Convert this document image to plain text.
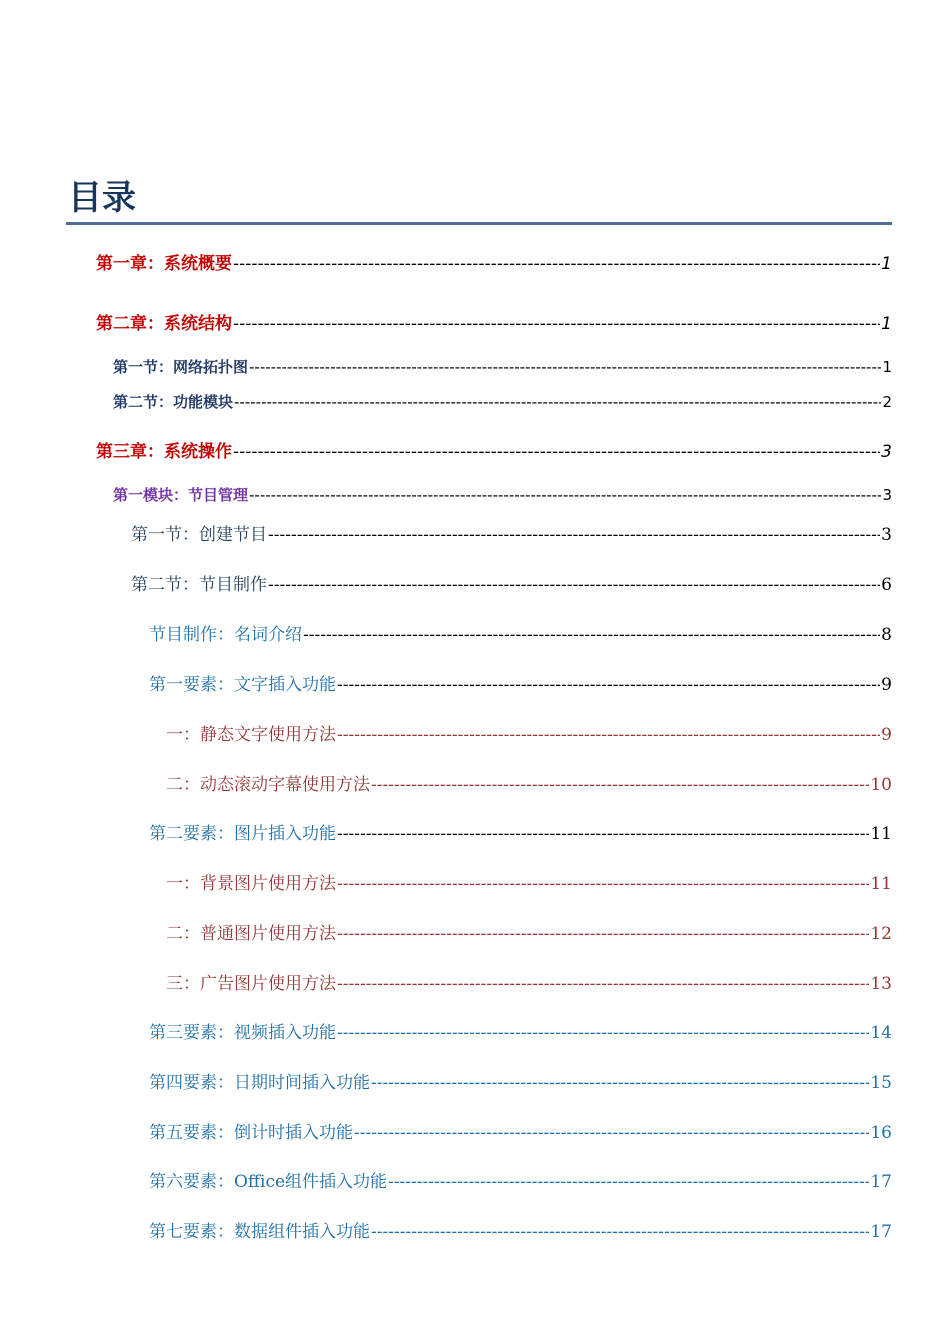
目录
第一章：系统概要 -----	1
第二章：系统结构 -----	1
第一节：网络拓扑图 -----	1
第二节：功能模块 -----	2
第三章：系统操作 -----	3
第一模块：节目管理 -----	3
第一节：创建节目 -----	3
第二节：节目制作 -----	6
节目制作：名词介绍 -----	8
第一要素：文字插入功能 -----	9
一：静态文字使用方法 -----	9
二：动态滚动字幕使用方法 -----	10
第二要素：图片插入功能 -----	11
一：背景图片使用方法 -----	11
二：普通图片使用方法 -----	12
三：广告图片使用方法 -----	13
第三要素：视频插入功能 -----	14
第四要素：日期时间插入功能 -----	15
第五要素：倒计时插入功能 -----	16
第六要素：Office组件插入功能 -----	17
第七要素：数据组件插入功能 -----	17
